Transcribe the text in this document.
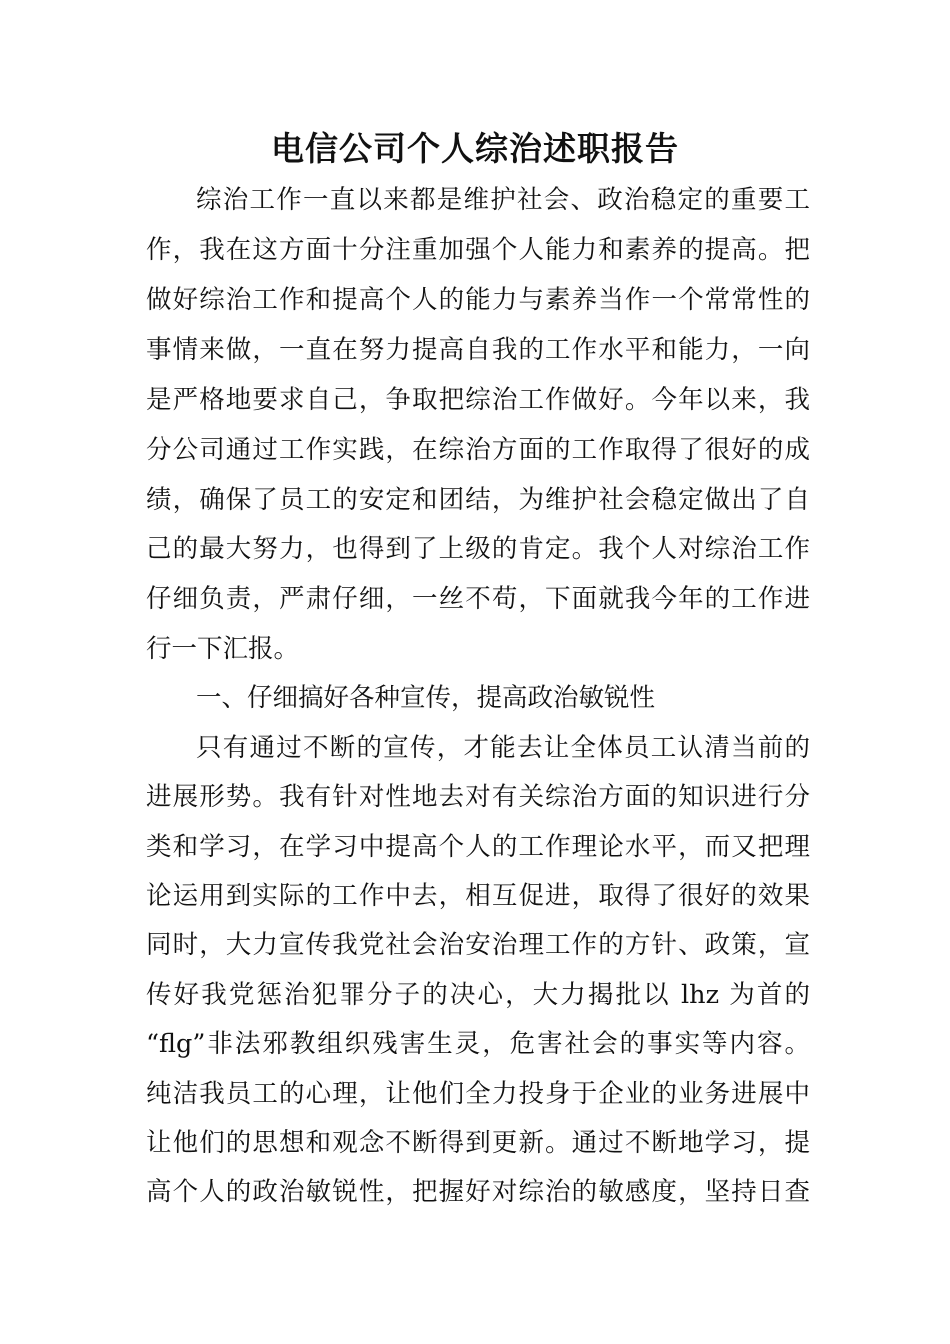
电信公司个人综治述职报告

综治工作一直以来都是维护社会、政治稳定的重要工

作，我在这方面十分注重加强个人能力和素养的提高。把

做好综治工作和提高个人的能力与素养当作一个常常性的

事情来做，一直在努力提高自我的工作水平和能力，一向

是严格地要求自己，争取把综治工作做好。今年以来，我

分公司通过工作实践，在综治方面的工作取得了很好的成

绩，确保了员工的安定和团结，为维护社会稳定做出了自

己的最大努力，也得到了上级的肯定。我个人对综治工作

仔细负责，严肃仔细，一丝不苟，下面就我今年的工作进

行一下汇报。

一、仔细搞好各种宣传，提高政治敏锐性

只有通过不断的宣传，才能去让全体员工认清当前的

进展形势。我有针对性地去对有关综治方面的知识进行分

类和学习，在学习中提高个人的工作理论水平，而又把理

论运用到实际的工作中去，相互促进，取得了很好的效果

同时，大力宣传我党社会治安治理工作的方针、政策，宣

传好我党惩治犯罪分子的决心，大力揭批以 lhz 为首的

“flg”非法邪教组织残害生灵，危害社会的事实等内容。

纯洁我员工的心理，让他们全力投身于企业的业务进展中

让他们的思想和观念不断得到更新。通过不断地学习，提

高个人的政治敏锐性，把握好对综治的敏感度，坚持日查
